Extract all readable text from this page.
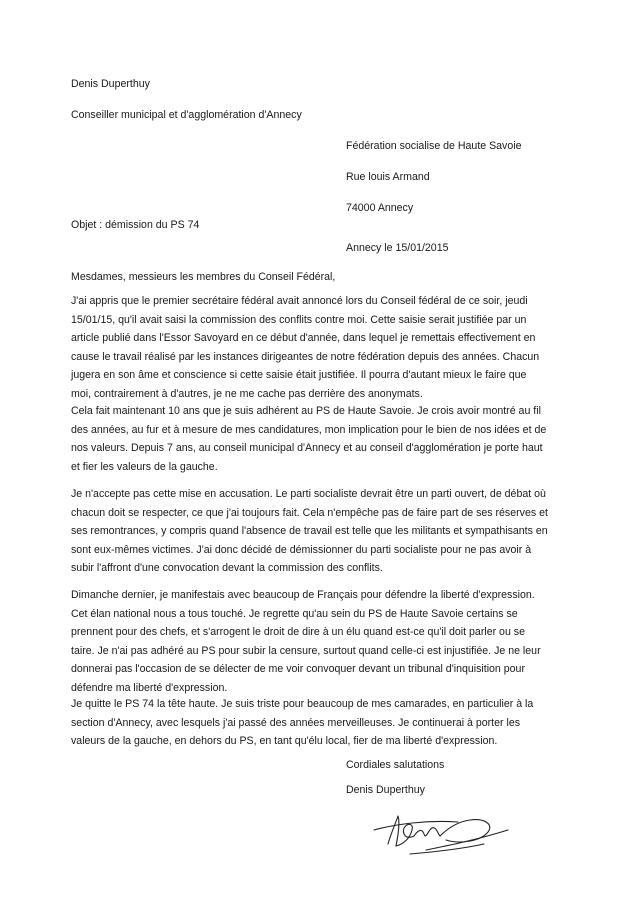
Denis Duperthuy

Conseiller municipal et d'agglomération d'Annecy

Fédération socialise de Haute Savoie

Rue louis Armand

74000 Annecy

Objet : démission du PS 74

Annecy le 15/01/2015

Mesdames, messieurs les membres du Conseil Fédéral,

J'ai appris que le premier secrétaire fédéral avait annoncé lors du Conseil fédéral de ce soir, jeudi
15/01/15, qu'il avait saisi la commission des conflits contre moi. Cette saisie serait justifiée par un
article publié dans l'Essor Savoyard en ce début d'année, dans lequel je remettais effectivement en
cause le travail réalisé par les instances dirigeantes de notre fédération depuis des années. Chacun
jugera en son âme et conscience si cette saisie était justifiée. Il pourra d'autant mieux le faire que
moi, contrairement à d'autres, je ne me cache pas derrière des anonymats.
Cela fait maintenant 10 ans que je suis adhérent au PS de Haute Savoie. Je crois avoir montré au fil
des années, au fur et à mesure de mes candidatures, mon implication pour le bien de nos idées et de
nos valeurs. Depuis 7 ans, au conseil municipal d'Annecy et au conseil d'agglomération je porte haut
et fier les valeurs de la gauche.
Je n'accepte pas cette mise en accusation. Le parti socialiste devrait être un parti ouvert, de débat où
chacun doit se respecter, ce que j'ai toujours fait. Cela n'empêche pas de faire part de ses réserves et
ses remontrances, y compris quand l'absence de travail est telle que les militants et sympathisants en
sont eux-mêmes victimes. J'ai donc décidé de démissionner du parti socialiste pour ne pas avoir à
subir l'affront d'une convocation devant la commission des conflits.
Dimanche dernier, je manifestais avec beaucoup de Français pour défendre la liberté d'expression.
Cet élan national nous a tous touché. Je regrette qu'au sein du PS de Haute Savoie certains se
prennent pour des chefs, et s'arrogent le droit de dire à un élu quand est-ce qu'il doit parler ou se
taire. Je n'ai pas adhéré au PS pour subir la censure, surtout quand celle-ci est injustifiée. Je ne leur
donnerai pas l'occasion de se délecter de me voir convoquer devant un tribunal d'inquisition pour
défendre ma liberté d'expression.
Je quitte le PS 74 la tête haute. Je suis triste pour beaucoup de mes camarades, en particulier à la
section d'Annecy, avec lesquels j'ai passé des années merveilleuses. Je continuerai à porter les
valeurs de la gauche, en dehors du PS, en tant qu'élu local, fier de ma liberté d'expression.

Cordiales salutations

Denis Duperthuy
